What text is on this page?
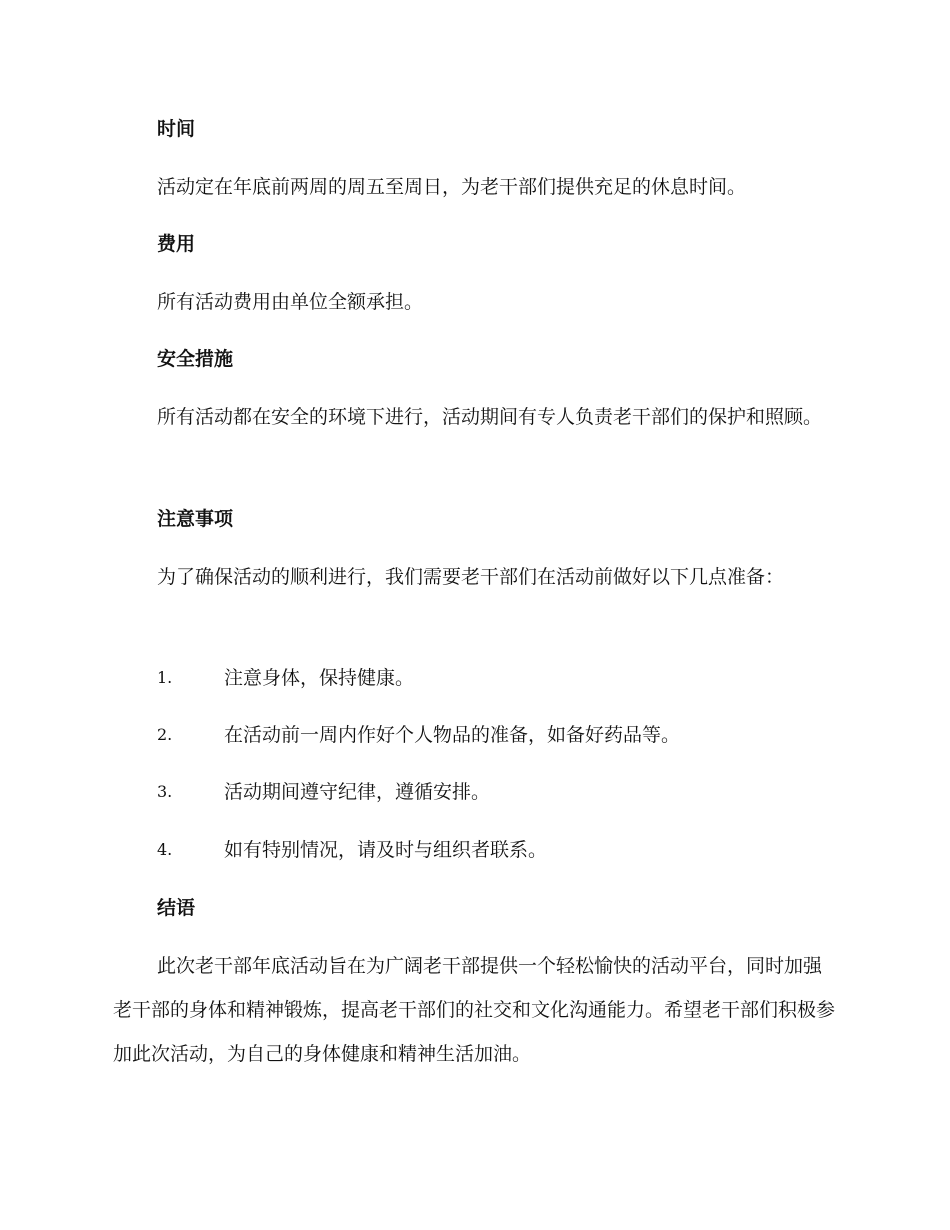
时间

活动定在年底前两周的周五至周日，为老干部们提供充足的休息时间。

费用

所有活动费用由单位全额承担。

安全措施

所有活动都在安全的环境下进行，活动期间有专人负责老干部们的保护和照顾。

注意事项

为了确保活动的顺利进行，我们需要老干部们在活动前做好以下几点准备：

1.	注意身体，保持健康。
2.	在活动前一周内作好个人物品的准备，如备好药品等。
3.	活动期间遵守纪律，遵循安排。
4.	如有特别情况，请及时与组织者联系。
结语

此次老干部年底活动旨在为广阔老干部提供一个轻松愉快的活动平台，同时加强老干部的身体和精神锻炼，提高老干部们的社交和文化沟通能力。希望老干部们积极参加此次活动，为自己的身体健康和精神生活加油。
